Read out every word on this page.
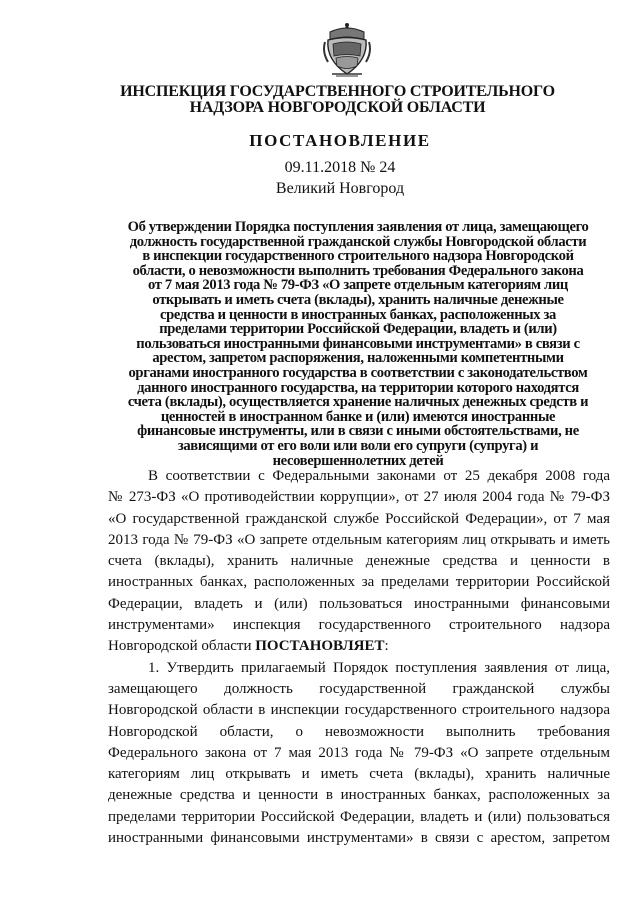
ИНСПЕКЦИЯ ГОСУДАРСТВЕННОГО СТРОИТЕЛЬНОГО
НАДЗОРА НОВГОРОДСКОЙ ОБЛАСТИ
ПОСТАНОВЛЕНИЕ
09.11.2018 № 24
Великий Новгород
Об утверждении Порядка поступления заявления от лица, замещающего
должность государственной гражданской службы Новгородской области
в инспекции государственного строительного надзора Новгородской
области, о невозможности выполнить требования Федерального закона
от 7 мая 2013 года № 79-ФЗ «О запрете отдельным категориям лиц
открывать и иметь счета (вклады), хранить наличные денежные
средства и ценности в иностранных банках, расположенных за
пределами территории Российской Федерации, владеть и (или)
пользоваться иностранными финансовыми инструментами» в связи с
арестом, запретом распоряжения, наложенными компетентными
органами иностранного государства в соответствии с законодательством
данного иностранного государства, на территории которого находятся
счета (вклады), осуществляется хранение наличных денежных средств и
ценностей в иностранном банке и (или) имеются иностранные
финансовые инструменты, или в связи с иными обстоятельствами, не
зависящими от его воли или воли его супруги (супруга) и
несовершеннолетних детей
В соответствии с Федеральными законами от 25 декабря 2008 года
№ 273-ФЗ «О противодействии коррупции», от 27 июля 2004 года № 79-ФЗ
«О государственной гражданской службе Российской Федерации», от 7 мая
2013 года № 79-ФЗ «О запрете отдельным категориям лиц открывать и иметь
счета (вклады), хранить наличные денежные средства и ценности в
иностранных банках, расположенных за пределами территории Российской
Федерации, владеть и (или) пользоваться иностранными финансовыми
инструментами» инспекция государственного строительного надзора
Новгородской области ПОСТАНОВЛЯЕТ:
1. Утвердить прилагаемый Порядок поступления заявления от лица,
замещающего должность государственной гражданской службы
Новгородской области в инспекции государственного строительного надзора
Новгородской области, о невозможности выполнить требования
Федерального закона от 7 мая 2013 года № 79-ФЗ «О запрете отдельным
категориям лиц открывать и иметь счета (вклады), хранить наличные
денежные средства и ценности в иностранных банках, расположенных за
пределами территории Российской Федерации, владеть и (или) пользоваться
иностранными финансовыми инструментами» в связи с арестом, запретом
